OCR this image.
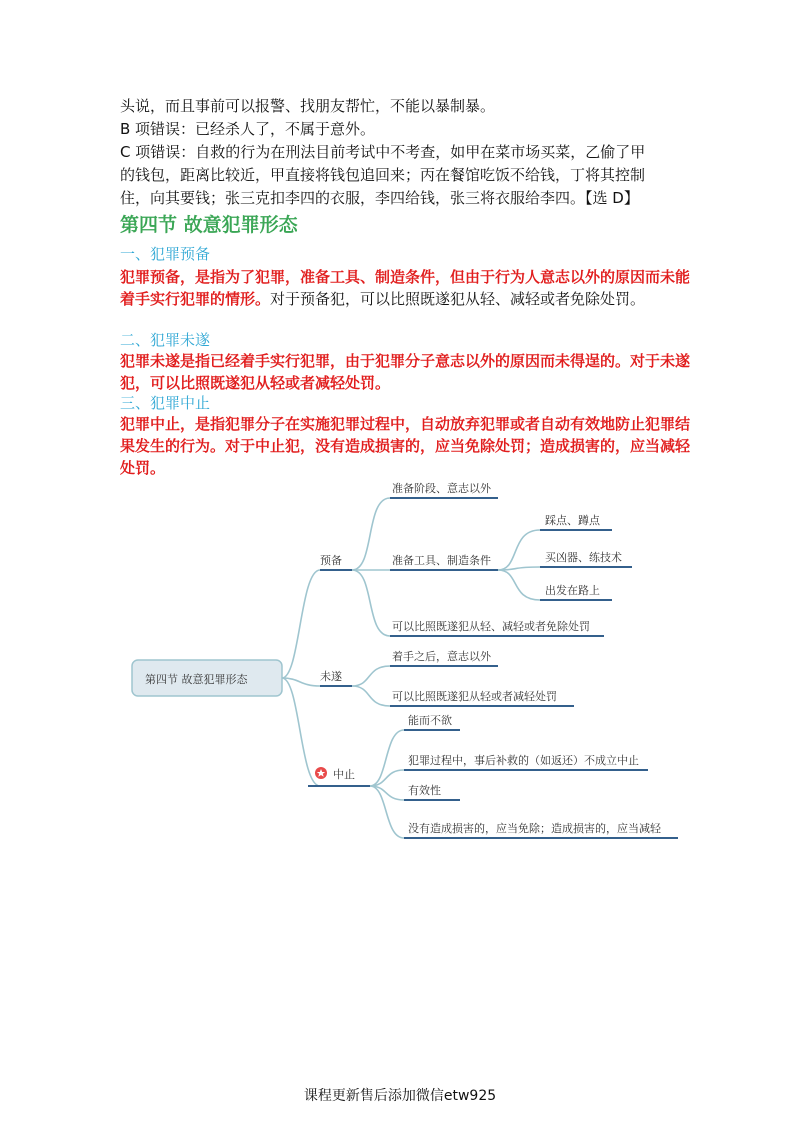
头说，而且事前可以报警、找朋友帮忙，不能以暴制暴。
B 项错误：已经杀人了，不属于意外。
C 项错误：自救的行为在刑法目前考试中不考查，如甲在菜市场买菜，乙偷了甲
的钱包，距离比较近，甲直接将钱包追回来；丙在餐馆吃饭不给钱，丁将其控制
住，向其要钱；张三克扣李四的衣服，李四给钱，张三将衣服给李四。【选 D】
第四节 故意犯罪形态
一、犯罪预备
犯罪预备，是指为了犯罪，准备工具、制造条件，但由于行为人意志以外的原因而未能着手实行犯罪的情形。对于预备犯，可以比照既遂犯从轻、减轻或者免除处罚。
二、犯罪未遂
犯罪未遂是指已经着手实行犯罪，由于犯罪分子意志以外的原因而未得逞的。对于未遂犯，可以比照既遂犯从轻或者减轻处罚。
三、犯罪中止
犯罪中止，是指犯罪分子在实施犯罪过程中，自动放弃犯罪或者自动有效地防止犯罪结果发生的行为。对于中止犯，没有造成损害的，应当免除处罚；造成损害的，应当减轻处罚。
第四节 故意犯罪形态
预备
未遂
中止
准备阶段、意志以外
准备工具、制造条件
踩点、蹲点
买凶器、练技术
出发在路上
可以比照既遂犯从轻、减轻或者免除处罚
着手之后，意志以外
可以比照既遂犯从轻或者减轻处罚
能而不欲
犯罪过程中，事后补救的（如返还）不成立中止
有效性
没有造成损害的，应当免除；造成损害的，应当减轻
课程更新售后添加微信etw925
